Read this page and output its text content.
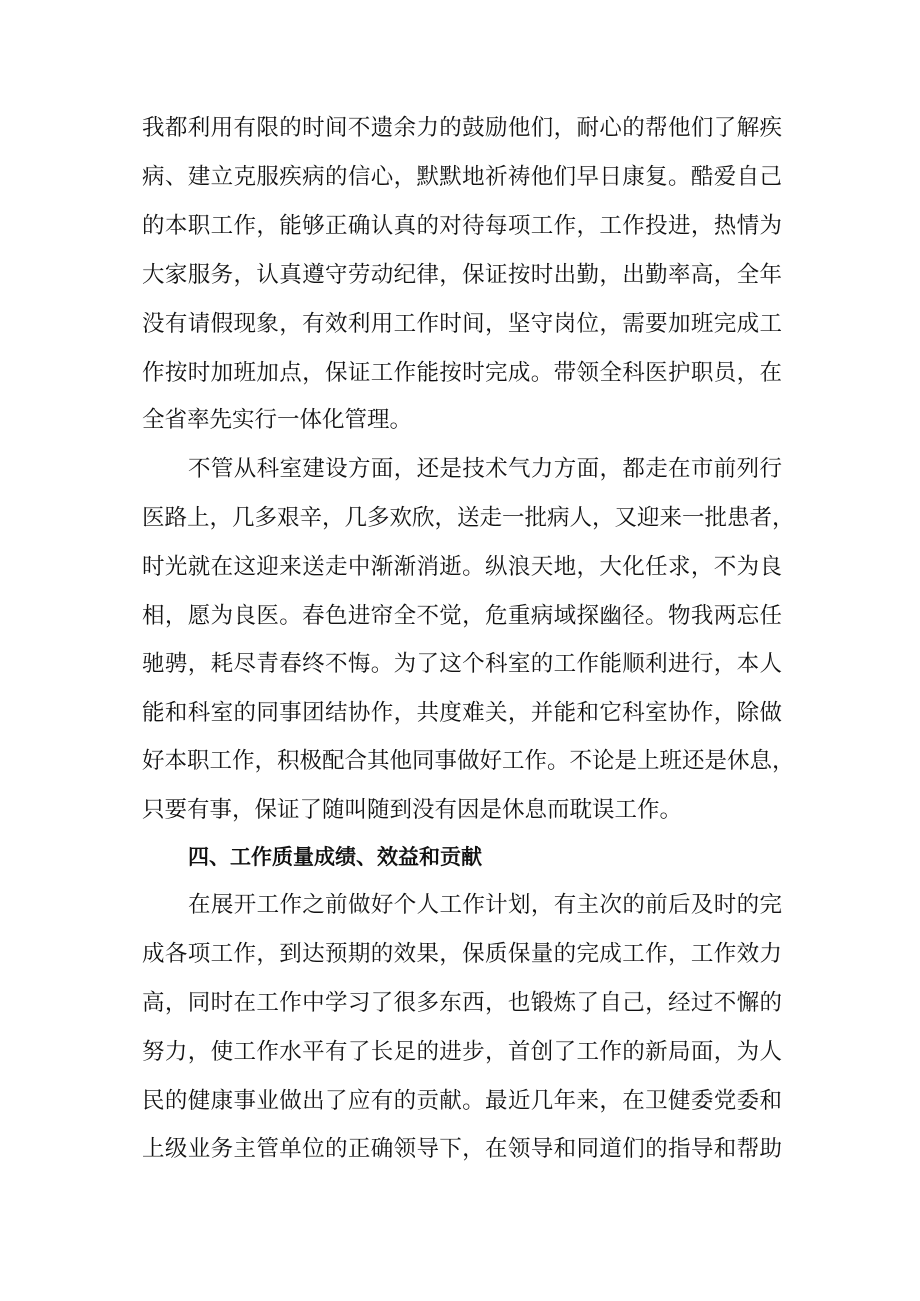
我都利用有限的时间不遗余力的鼓励他们，耐心的帮他们了解疾
病、建立克服疾病的信心，默默地祈祷他们早日康复。酷爱自己
的本职工作，能够正确认真的对待每项工作，工作投进，热情为
大家服务，认真遵守劳动纪律，保证按时出勤，出勤率高，全年
没有请假现象，有效利用工作时间，坚守岗位，需要加班完成工
作按时加班加点，保证工作能按时完成。带领全科医护职员，在
全省率先实行一体化管理。
不管从科室建设方面，还是技术气力方面，都走在市前列行
医路上，几多艰辛，几多欢欣，送走一批病人，又迎来一批患者，
时光就在这迎来送走中渐渐消逝。纵浪天地，大化任求，不为良
相，愿为良医。春色进帘全不觉，危重病域探幽径。物我两忘任
驰骋，耗尽青春终不悔。为了这个科室的工作能顺利进行，本人
能和科室的同事团结协作，共度难关，并能和它科室协作，除做
好本职工作，积极配合其他同事做好工作。不论是上班还是休息，
只要有事，保证了随叫随到没有因是休息而耽误工作。
四、工作质量成绩、效益和贡献
在展开工作之前做好个人工作计划，有主次的前后及时的完
成各项工作，到达预期的效果，保质保量的完成工作，工作效力
高，同时在工作中学习了很多东西，也锻炼了自己，经过不懈的
努力，使工作水平有了长足的进步，首创了工作的新局面，为人
民的健康事业做出了应有的贡献。最近几年来，在卫健委党委和
上级业务主管单位的正确领导下，在领导和同道们的指导和帮助
